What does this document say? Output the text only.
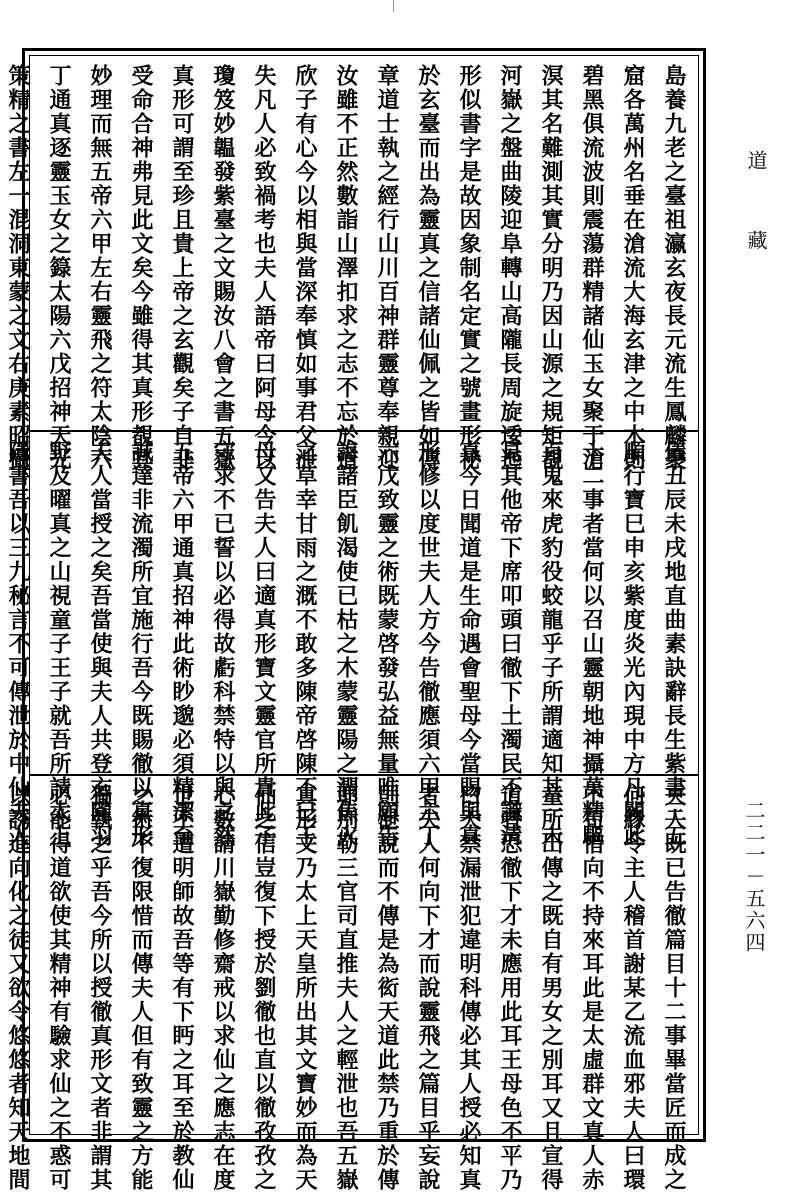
島養九老之臺祖瀛玄夜長元流生鳳麟聚
窟各萬州名垂在滄流大海玄津之中木則
碧黑俱流波則震蕩群精諸仙玉女聚于滄
溟其名難測其實分明乃因山源之規矩覩
河嶽之盤曲陵迎阜轉山高隴長周旋逶迤
形似書字是故因象制名定實之號畫形祕
於玄臺而出為靈真之信諸仙佩之皆如傳
章道士執之經行山川百神群靈尊奉親迎
汝雖不正然數詣山澤扣求之志不忘於道
欣子有心今以相與當深奉慎如事君父泄
失凡人必致禍考也夫人語帝曰阿母今以
瓊笈妙韞發紫臺之文賜汝八會之書五嶽
真形可謂至珍且貴上帝之玄觀矣子自非
受命合神弗見此文矣今雖得其真形覩其
妙理而無五帝六甲左右靈飛之符太陰六
丁通真逐靈玉女之籙太陽六戊招神天光
策精之書左一混洞東蒙之文右庚素昭攝
儀丑辰未戌地直曲素訣辭長生紫書三五
順行寶巳申亥紫度炎光內現中方凡闕此
十二事者當何以召山靈朝地神攝萬精驅
百鬼來虎豹役蛟龍乎子所謂適知其一未
見其他帝下席叩頭曰徹下土濁民不識清
真今日聞道是生命遇會聖母今當賜與真
形修以度世夫人方今告徹應須六甲六丁
六戊致靈之術既蒙啓發弘益無量唯願告
誨諸臣飢渴使已枯之木蒙靈陽之潤焦火
之草幸甘雨之溉不敢多陳帝啓陳不已王
母又告夫人曰適真形寶文靈官所貴此子
守求不已誓以必得故虧科禁特以與之然
五帝六甲通真招神此術眇邈必須精潔至
誠達非流濁所宜施行吾今既賜徹以真形
夫人當授之矣吾當使與夫人共登玄隴羽
野及曜真之山視童子王子就吾所請太上
隱書吾以三九秘言不可傳泄於中仙夫人
夫人既已告徹篇目十二事畢當匠而成之
何緣令主人稽首謝某乙流血邪夫人曰環
不苟惜向不持來耳此是太虛群文真人赤
童所出傳之既自有男女之別耳又且宣得
道者恐徹下才未應用此耳王母色不平乃
曰天禁漏泄犯違明科傳必其人授必知真
者夫人何向下才而說靈飛之篇目乎妄說
則泄說而不傳是為衒天道此禁乃重於傳
耶別勒三官司直推夫人之輕泄也吾五嶽
真形文乃太上天皇所出其文寶妙而為天
仙之信豈復下授於劉徹也直以徹孜孜之
心數請川嶽勤修齋戒以求仙之應志在度
世不遭明師故吾等有下眄之耳至於教仙
之術不復限惜而傳夫人但有致靈之方能
獨執之乎吾今所以授徹真形文者非謂其
必能得道欲使其精神有驗求仙之不惑可
以誘進向化之徒又欲令悠悠者知天地間
道
藏
二二一－五六四
